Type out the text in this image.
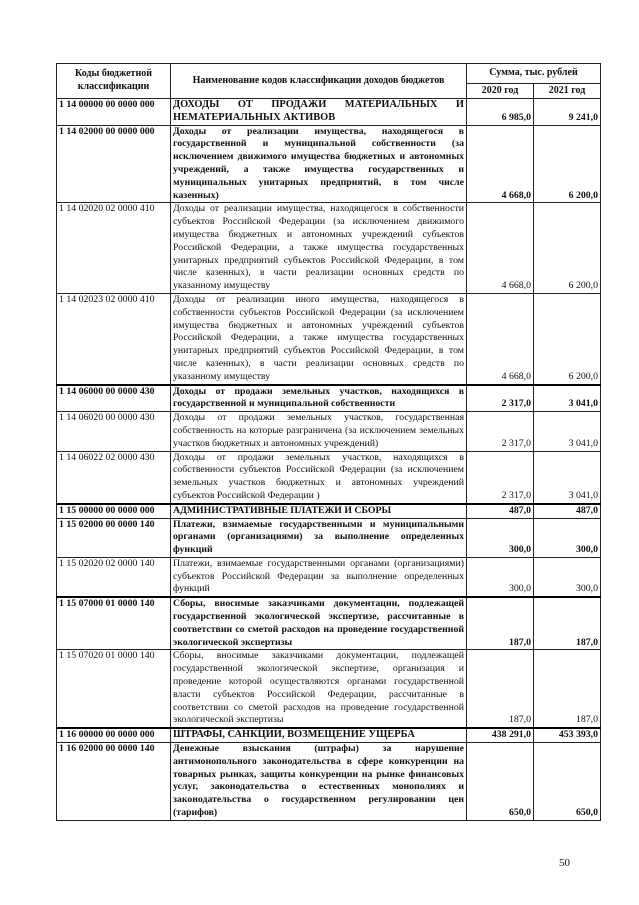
Коды бюджетной классификации	Наименование кодов классификации доходов бюджетов	Сумма, тыс. рублей	
		2020 год	2021 год
1 14 00000 00 0000 000	ДОХОДЫ ОТ ПРОДАЖИ МАТЕРИАЛЬНЫХ И НЕМАТЕРИАЛЬНЫХ АКТИВОВ	6 985,0	9 241,0
1 14 02000 00 0000 000	Доходы от реализации имущества, находящегося в государственной и муниципальной собственности (за исключением движимого имущества бюджетных и автономных учреждений, а также имущества государственных и муниципальных унитарных предприятий, в том числе казенных)	4 668,0	6 200,0
1 14 02020 02 0000 410	Доходы от реализации имущества, находящегося в собственности субъектов Российской Федерации (за исключением движимого имущества бюджетных и автономных учреждений субъектов Российской Федерации, а также имущества государственных унитарных предприятий субъектов Российской Федерации, в том числе казенных), в части реализации основных средств по указанному имуществу	4 668,0	6 200,0
1 14 02023 02 0000 410	Доходы от реализации иного имущества, находящегося в собственности субъектов Российской Федерации (за исключением имущества бюджетных и автономных учреждений субъектов Российской Федерации, а также имущества государственных унитарных предприятий субъектов Российской Федерации, в том числе казенных), в части реализации основных средств по указанному имуществу	4 668,0	6 200,0
1 14 06000 00 0000 430	Доходы от продажи земельных участков, находящихся в государственной и муниципальной собственности	2 317,0	3 041,0
1 14 06020 00 0000 430	Доходы от продажи земельных участков, государственная собственность на которые разграничена (за исключением земельных участков бюджетных и автономных учреждений)	2 317,0	3 041,0
1 14 06022 02 0000 430	Доходы от продажи земельных участков, находящихся в собственности субъектов Российской Федерации (за исключением земельных участков бюджетных и автономных учреждений субъектов Российской Федерации )	2 317,0	3 041,0
1 15 00000 00 0000 000	АДМИНИСТРАТИВНЫЕ ПЛАТЕЖИ И СБОРЫ	487,0	487,0
1 15 02000 00 0000 140	Платежи, взимаемые государственными и муниципальными органами (организациями) за выполнение определенных функций	300,0	300,0
1 15 02020 02 0000 140	Платежи, взимаемые государственными органами (организациями) субъектов Российской Федерации за выполнение определенных функций	300,0	300,0
1 15 07000 01 0000 140	Сборы, вносимые заказчиками документации, подлежащей государственной экологической экспертизе, рассчитанные в соответствии со сметой расходов на проведение государственной экологической экспертизы	187,0	187,0
1 15 07020 01 0000 140	Сборы, вносимые заказчиками документации, подлежащей государственной экологической экспертизе, организация и проведение которой осуществляются органами государственной власти субъектов Российской Федерации, рассчитанные в соответствии со сметой расходов на проведение государственной экологической экспертизы	187,0	187,0
1 16 00000 00 0000 000	ШТРАФЫ, САНКЦИИ, ВОЗМЕЩЕНИЕ УЩЕРБА	438 291,0	453 393,0
1 16 02000 00 0000 140	Денежные взыскания (штрафы) за нарушение антимонопольного законодательства в сфере конкуренции на товарных рынках, защиты конкуренции на рынке финансовых услуг, законодательства о естественных монополиях и законодательства о государственном регулировании цен (тарифов)	650,0	650,0
50
